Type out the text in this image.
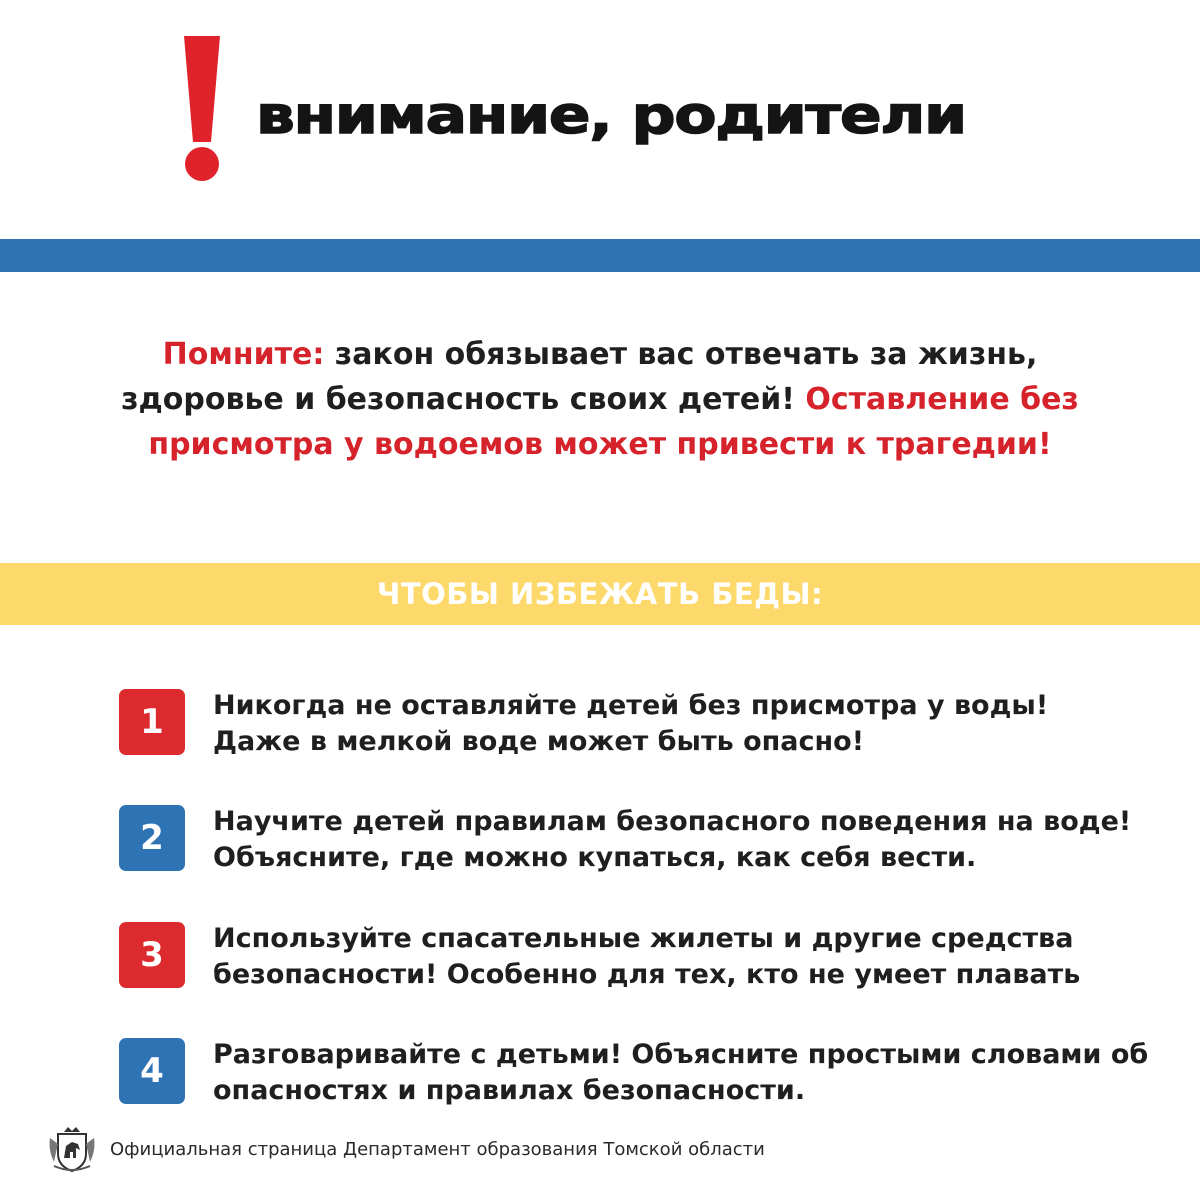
внимание, родители

Помните: закон обязывает вас отвечать за жизнь, здоровье и безопасность своих детей! Оставление без присмотра у водоемов может привести к трагедии!

ЧТОБЫ ИЗБЕЖАТЬ БЕДЫ:
1	Никогда не оставляйте детей без присмотра у воды!
Даже в мелкой воде может быть опасно!
2	Научите детей правилам безопасного поведения на воде!
Объясните, где можно купаться, как себя вести.
3	Используйте спасательные жилеты и другие средства
безопасности! Особенно для тех, кто не умеет плавать
4	Разговаривайте с детьми! Объясните простыми словами об
опасностях и правилах безопасности.
Официальная страница Департамент образования Томской области
